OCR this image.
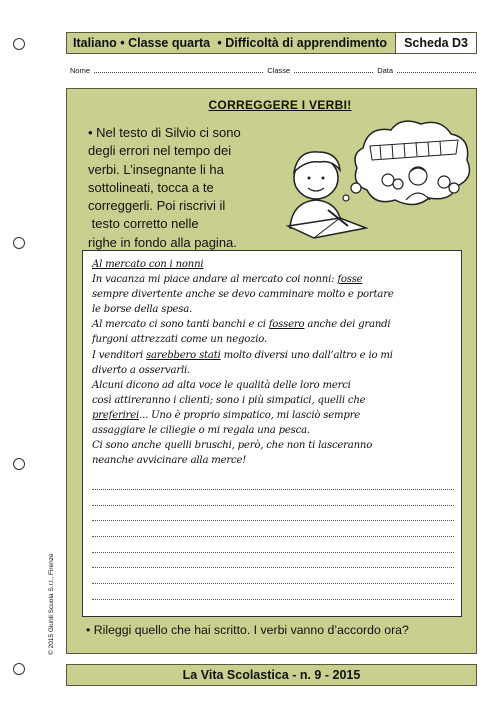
Italiano • Classe quarta • Difficoltà di apprendimento	Scheda D3
Nome	Classe	Data
CORREGGERE I VERBI!
• Nel testo di Silvio ci sono
degli errori nel tempo dei
verbi. L’insegnante li ha
sottolineati, tocca a te
correggerli. Poi riscrivi il
testo corretto nelle
righe in fondo alla pagina.

Al mercato con i nonni

In vacanza mi piace andare al mercato coi nonni: fosse

sempre divertente anche se devo camminare molto e portare

le borse della spesa.

Al mercato ci sono tanti banchi e ci fossero anche dei grandi

furgoni attrezzati come un negozio.

I venditori sarebbero stati molto diversi uno dall’altro e io mi

diverto a osservarli.

Alcuni dicono ad alta voce le qualità delle loro merci

così attireranno i clienti; sono i più simpatici, quelli che

preferirei... Uno è proprio simpatico, mi lasciò sempre

assaggiare le ciliegie o mi regala una pesca.

Ci sono anche quelli bruschi, però, che non ti lasceranno

neanche avvicinare alla merce!

• Rileggi quello che hai scritto. I verbi vanno d’accordo ora?
© 2015 Giunti Scuola S.r.l., Firenze
La Vita Scolastica - n. 9 - 2015
